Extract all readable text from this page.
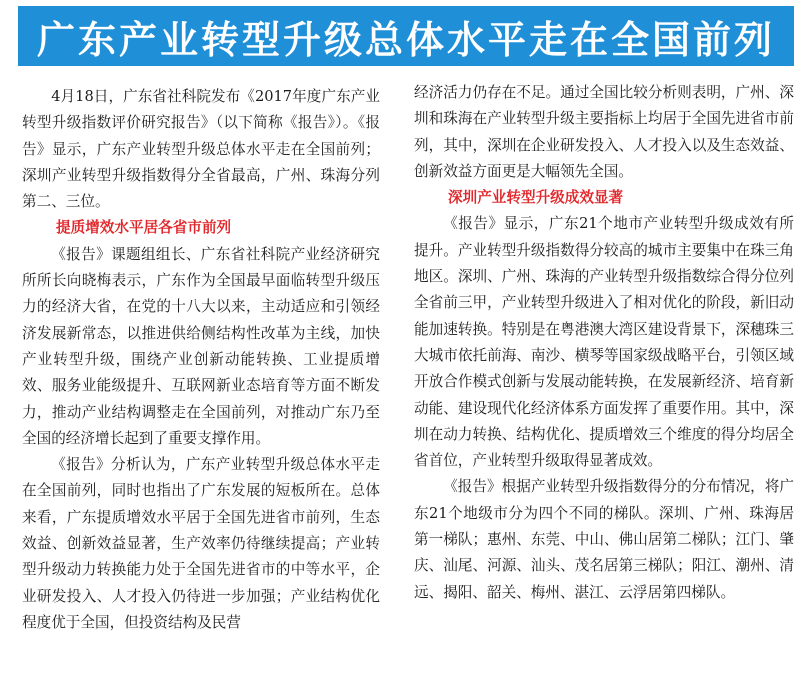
广东产业转型升级总体水平走在全国前列

4月18日，广东省社科院发布《2017年度广东产业转型升级指数评价研究报告》（以下简称《报告》）。《报告》显示，广东产业转型升级总体水平走在全国前列；深圳产业转型升级指数得分全省最高，广州、珠海分列第二、三位。

提质增效水平居各省市前列

《报告》课题组组长、广东省社科院产业经济研究所所长向晓梅表示，广东作为全国最早面临转型升级压力的经济大省，在党的十八大以来，主动适应和引领经济发展新常态，以推进供给侧结构性改革为主线，加快产业转型升级，围绕产业创新动能转换、工业提质增效、服务业能级提升、互联网新业态培育等方面不断发力，推动产业结构调整走在全国前列，对推动广东乃至全国的经济增长起到了重要支撑作用。

《报告》分析认为，广东产业转型升级总体水平走在全国前列，同时也指出了广东发展的短板所在。总体来看，广东提质增效水平居于全国先进省市前列，生态效益、创新效益显著，生产效率仍待继续提高；产业转型升级动力转换能力处于全国先进省市的中等水平，企业研发投入、人才投入仍待进一步加强；产业结构优化程度优于全国，但投资结构及民营

经济活力仍存在不足。通过全国比较分析则表明，广州、深圳和珠海在产业转型升级主要指标上均居于全国先进省市前列，其中，深圳在企业研发投入、人才投入以及生态效益、创新效益方面更是大幅领先全国。

深圳产业转型升级成效显著

《报告》显示，广东21个地市产业转型升级成效有所提升。产业转型升级指数得分较高的城市主要集中在珠三角地区。深圳、广州、珠海的产业转型升级指数综合得分位列全省前三甲，产业转型升级进入了相对优化的阶段，新旧动能加速转换。特别是在粤港澳大湾区建设背景下，深穗珠三大城市依托前海、南沙、横琴等国家级战略平台，引领区域开放合作模式创新与发展动能转换，在发展新经济、培育新动能、建设现代化经济体系方面发挥了重要作用。其中，深圳在动力转换、结构优化、提质增效三个维度的得分均居全省首位，产业转型升级取得显著成效。

《报告》根据产业转型升级指数得分的分布情况，将广东21个地级市分为四个不同的梯队。深圳、广州、珠海居第一梯队；惠州、东莞、中山、佛山居第二梯队；江门、肇庆、汕尾、河源、汕头、茂名居第三梯队；阳江、潮州、清远、揭阳、韶关、梅州、湛江、云浮居第四梯队。
